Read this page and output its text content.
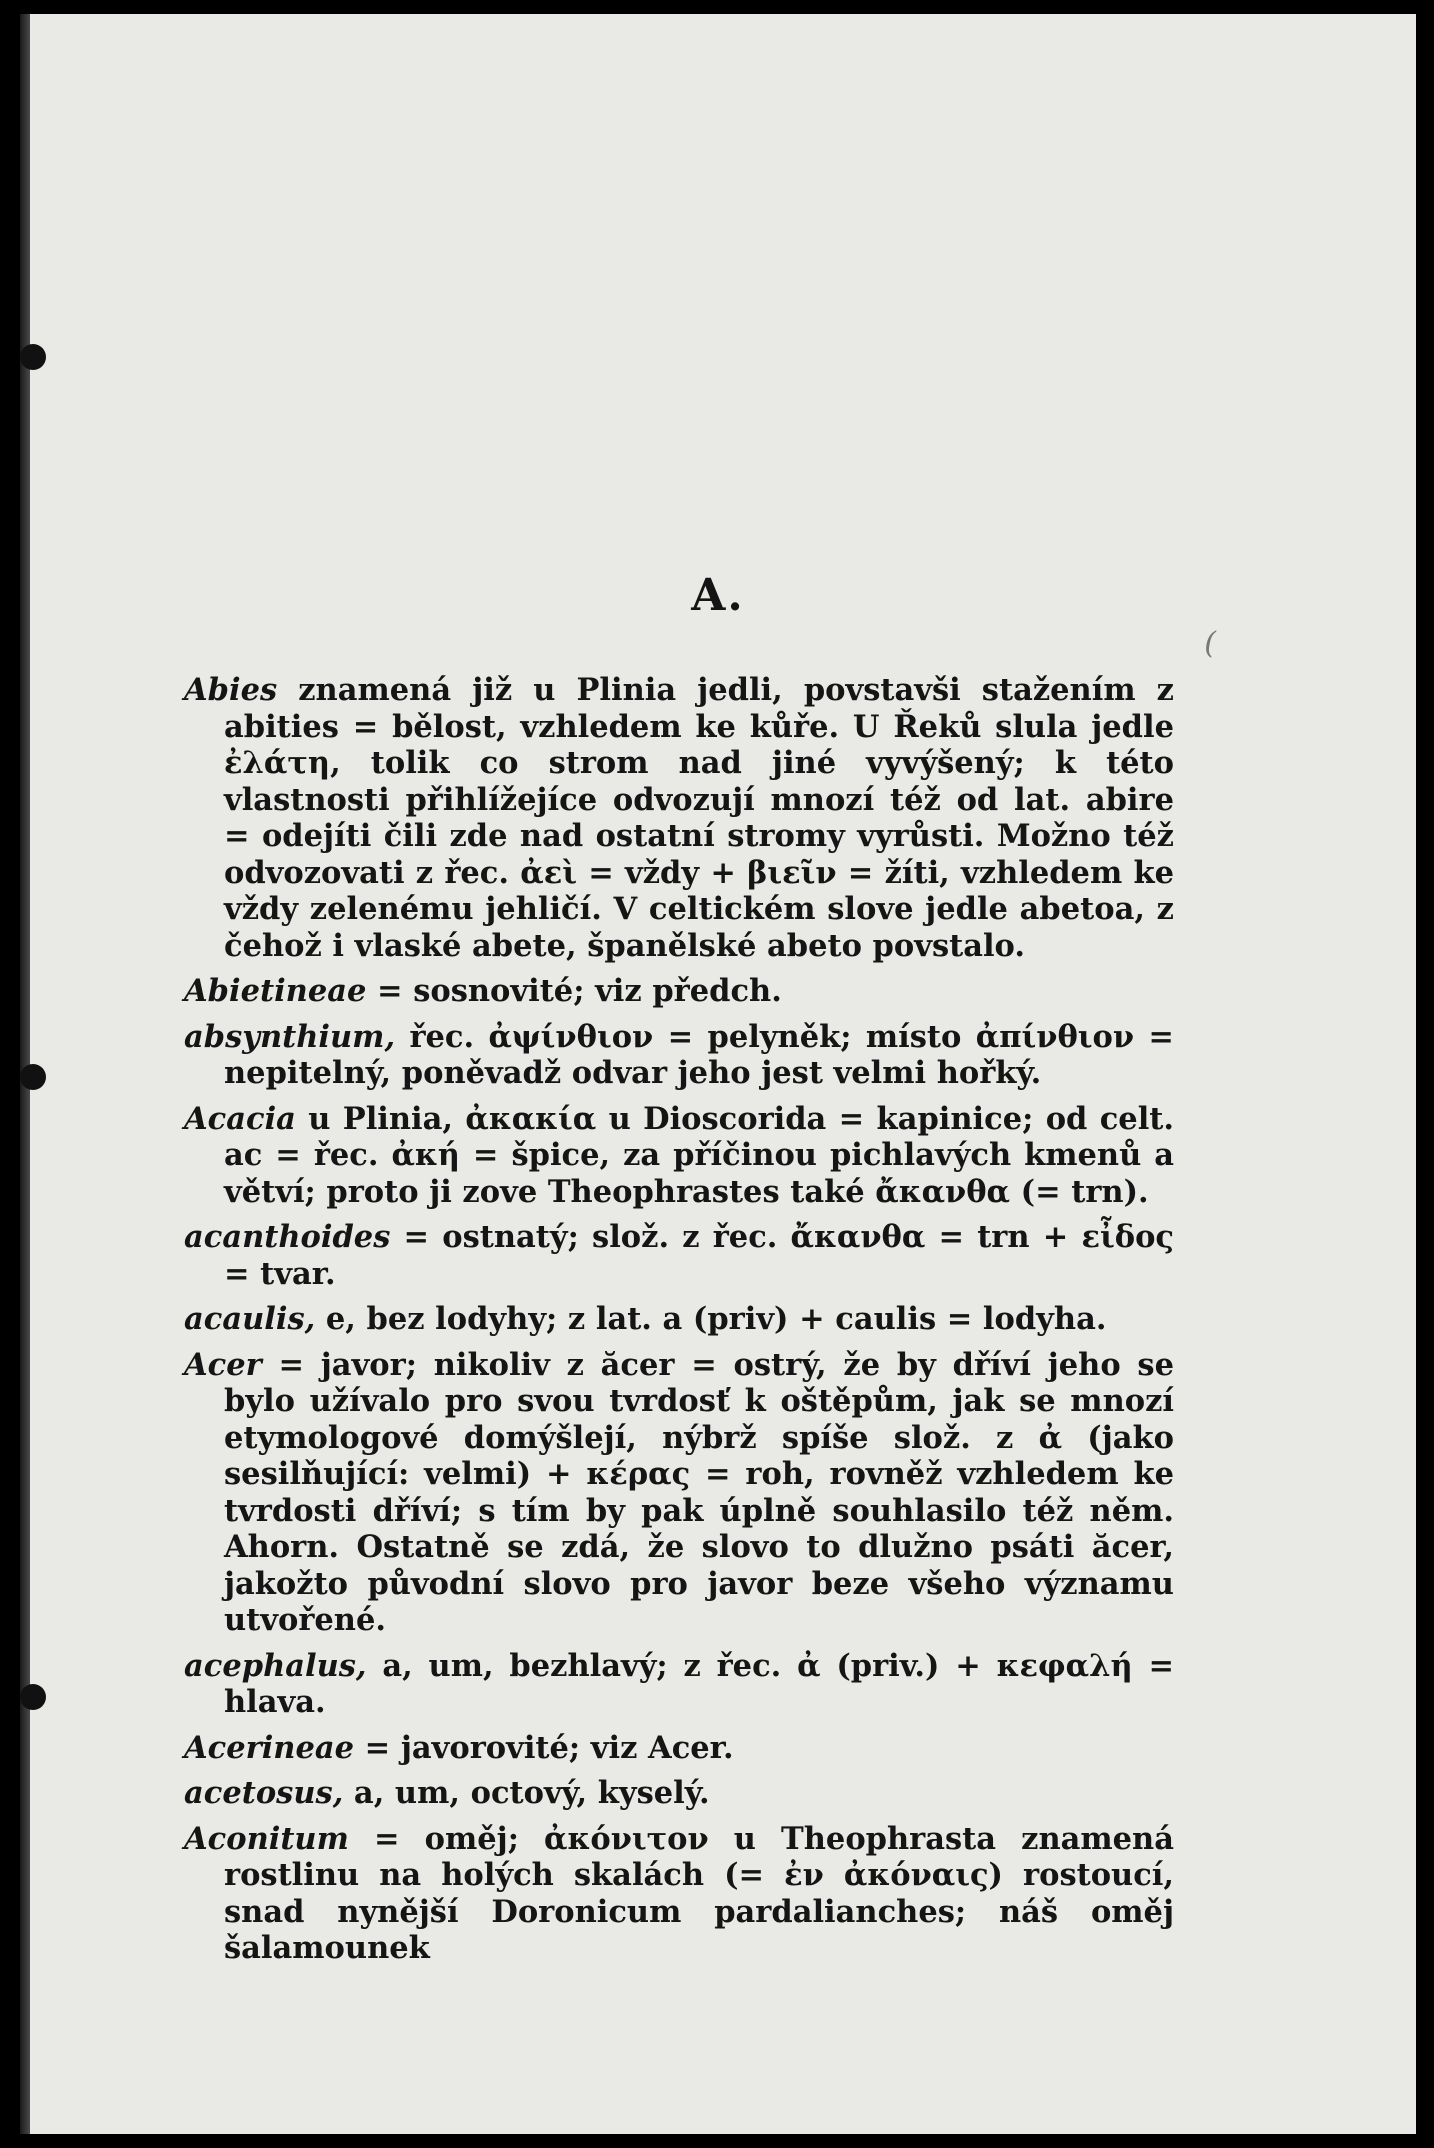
A.
(

Abies znamená již u Plinia jedli, povstavši stažením z abities = bělost, vzhledem ke kůře. U Řeků slula jedle ἐλάτη, tolik co strom nad jiné vyvýšený; k této vlastnosti přihlížejíce odvozují mnozí též od lat. abire = odejíti čili zde nad ostatní stromy vyrůsti. Možno též odvozovati z řec. ἀεὶ = vždy + βιεῖν = žíti, vzhledem ke vždy zelenému jehličí. V celtickém slove jedle abetoa, z čehož i vlaské abete, španělské abeto povstalo.

Abietineae = sosnovité; viz předch.

absynthium, řec. ἀψίνθιον = pelyněk; místo ἀπίνθιον = nepitelný, poněvadž odvar jeho jest velmi hořký.

Acacia u Plinia, ἀκακία u Dioscorida = kapinice; od celt. ac = řec. ἀκή = špice, za příčinou pichlavých kmenů a větví; proto ji zove Theophrastes také ἄκανθα (= trn).

acanthoides = ostnatý; slož. z řec. ἄκανθα = trn + εἶδος = tvar.

acaulis, e, bez lodyhy; z lat. a (priv) + caulis = lodyha.

Acer = javor; nikoliv z ăcer = ostrý, že by dříví jeho se bylo užívalo pro svou tvrdosť k oštěpům, jak se mnozí etymologové domýšlejí, nýbrž spíše slož. z ἀ (jako sesilňující: velmi) + κέρας = roh, rovněž vzhledem ke tvrdosti dříví; s tím by pak úplně souhlasilo též něm. Ahorn. Ostatně se zdá, že slovo to dlužno psáti ăcer, jakožto původní slovo pro javor beze všeho významu utvořené.

acephalus, a, um, bezhlavý; z řec. ἀ (priv.) + κεφαλή = hlava.

Acerineae = javorovité; viz Acer.

acetosus, a, um, octový, kyselý.

Aconitum = oměj; ἀκόνιτον u Theophrasta znamená rostlinu na holých skalách (= ἐν ἀκόναις) rostoucí, snad nynější Doronicum pardalianches; náš oměj šalamounek
